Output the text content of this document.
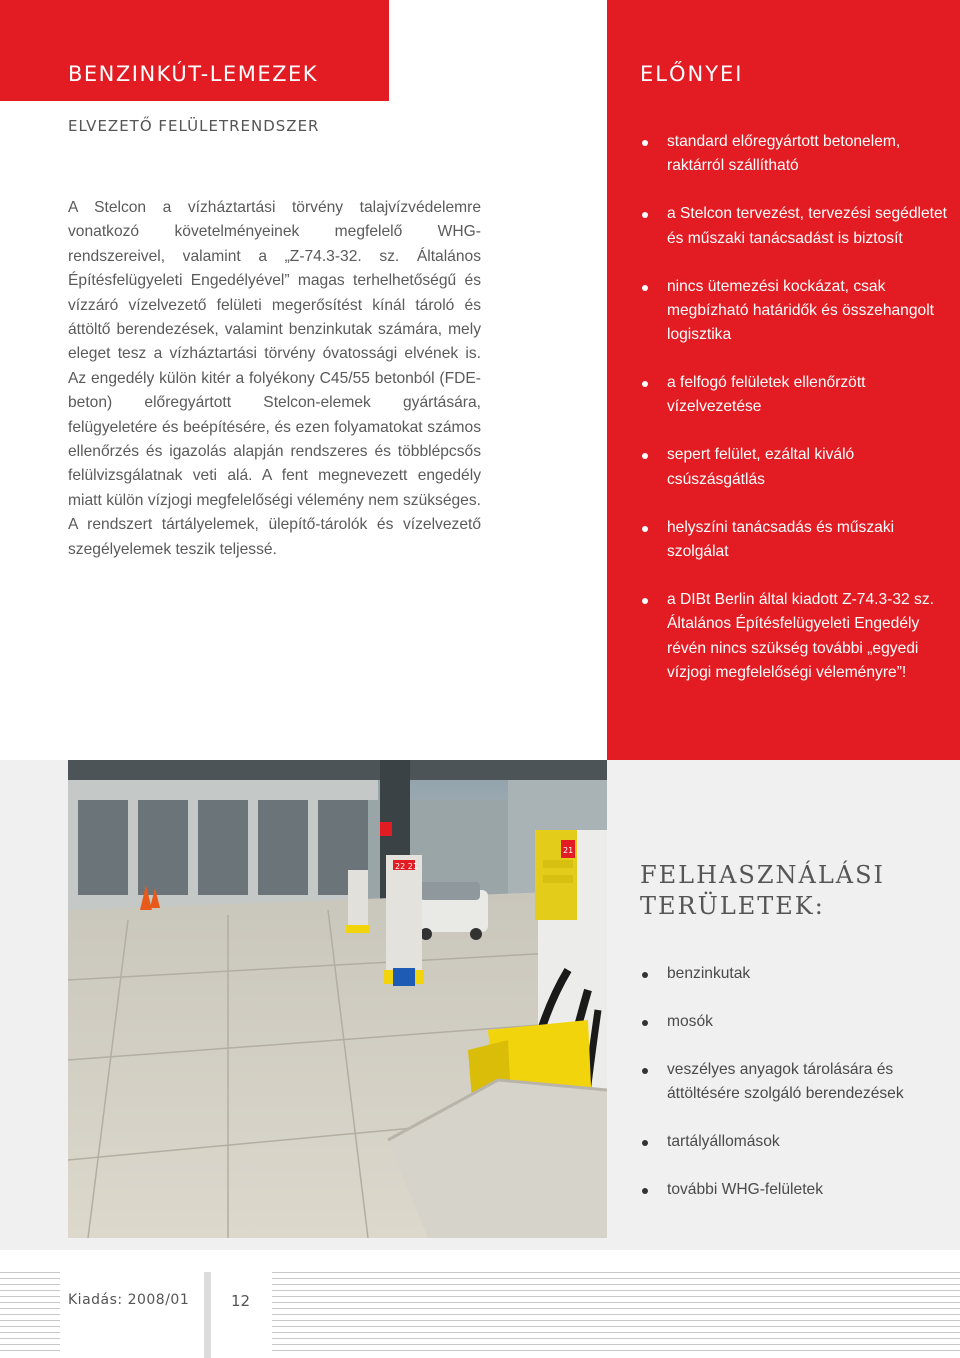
BENZINKÚT-LEMEZEK
ELVEZETŐ FELÜLETRENDSZER

A Stelcon a vízháztartási törvény talajvízvédelemre vonatkozó követelményeinek megfelelő WHG-rendszereivel, valamint a „Z-74.3-32. sz. Általános Építésfelügyeleti Engedélyével” magas terhelhetőségű és vízzáró vízelvezető felületi megerősítést kínál tároló és áttöltő berendezések, valamint benzinkutak számára, mely eleget tesz a vízháztartási törvény óvatossági elvének is. Az engedély külön kitér a folyékony C45/55 betonból (FDE-beton) előregyártott Stelcon-elemek gyártására, felügyeletére és beépítésére, és ezen folyamatokat számos ellenőrzés és igazolás alapján rendszeres és többlépcsős felülvizsgálatnak veti alá. A fent megnevezett engedély miatt külön vízjogi megfelelőségi vélemény nem szükséges. A rendszert tártályelemek, ülepítő-tárolók és vízelvezető szegélyelemek teszik teljessé.

ELŐNYEI
standard előregyártott betonelem, raktárról szállítható
a Stelcon tervezést, tervezési segédletet és műszaki tanácsadást is biztosít
nincs ütemezési kockázat, csak megbízható határidők és összehangolt logisztika
a felfogó felületek ellenőrzött vízelvezetése
sepert felület, ezáltal kiváló csúszásgátlás
helyszíni tanácsadás és műszaki szolgálat
a DIBt Berlin által kiadott Z-74.3-32 sz. Általános Építésfelügyeleti Engedély révén nincs szükség további „egyedi vízjogi megfelelőségi véleményre”!
22 21
21
FELHASZNÁLÁSI
TERÜLETEK:
benzinkutak
mosók
veszélyes anyagok tárolására és áttöltésére szolgáló berendezések
tartályállomások
további WHG-felületek
Kiadás: 2008/01	12
